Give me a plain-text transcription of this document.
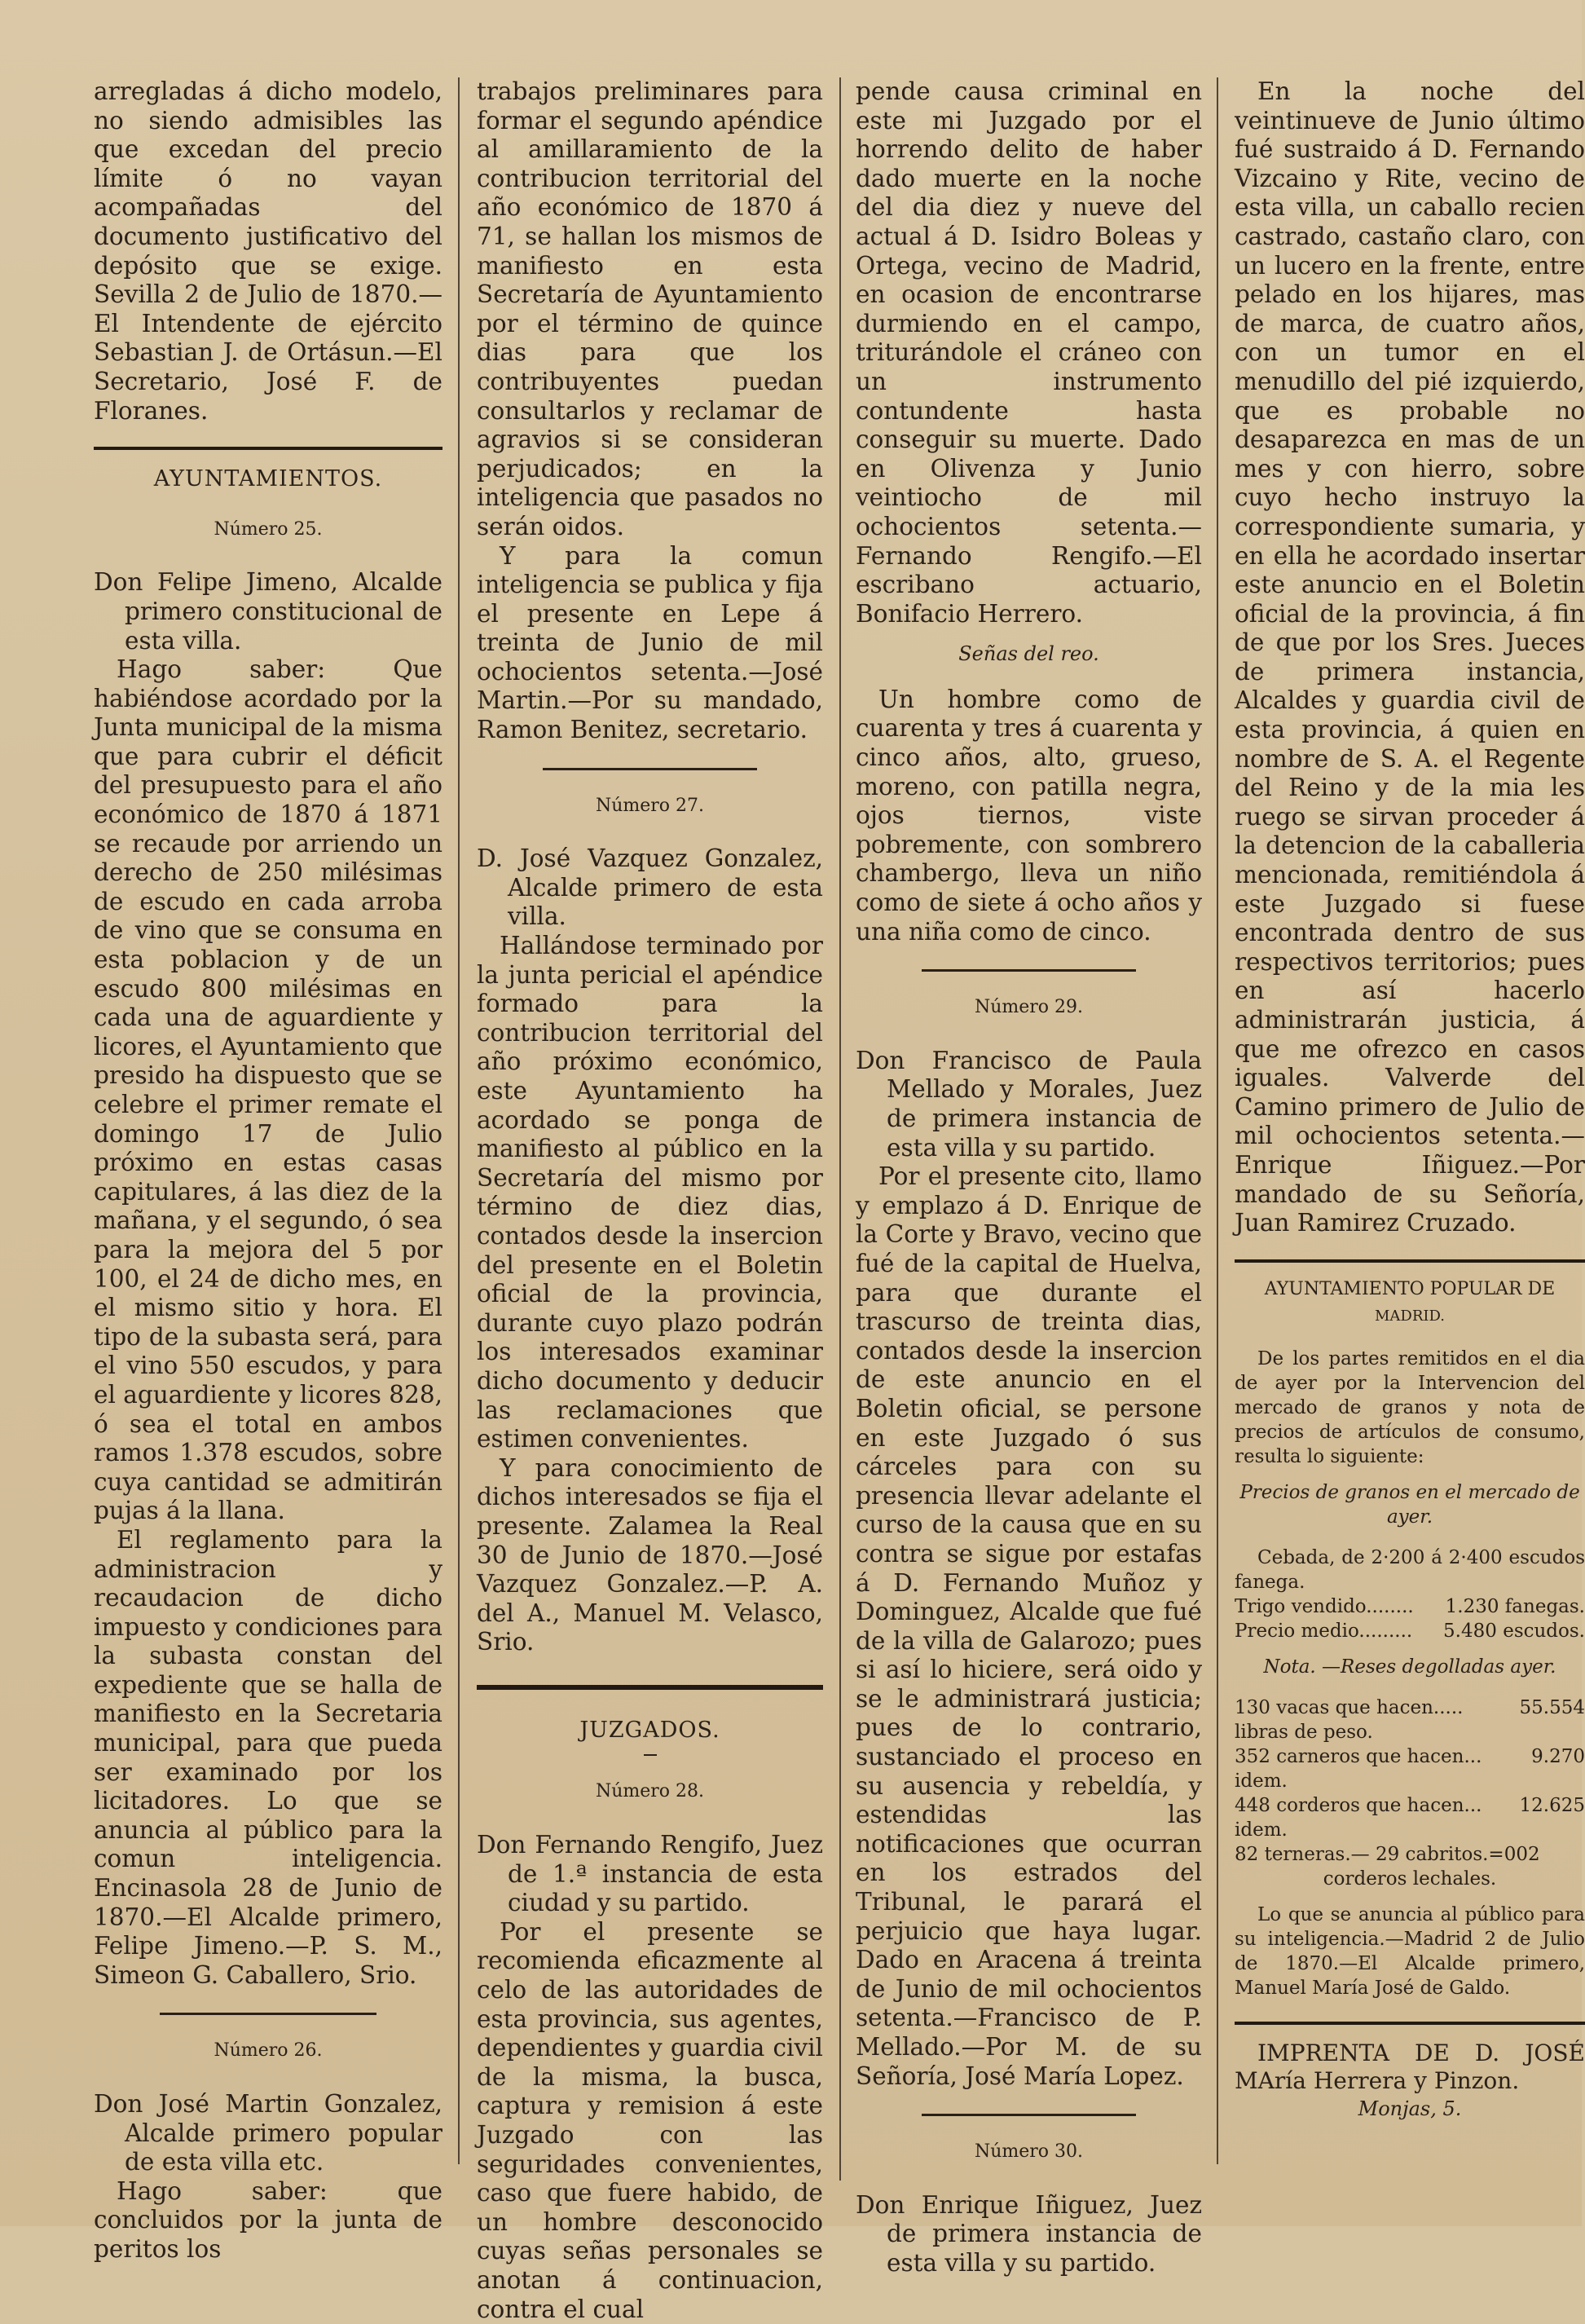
arregladas á dicho modelo, no siendo admisibles las que excedan del precio límite ó no vayan acompañadas del documento justificativo del depósito que se exige. Sevilla 2 de Julio de 1870.—El Intendente de ejército Sebastian J. de Ortásun.—El Secretario, José F. de Floranes.

AYUNTAMIENTOS.

Número 25.

Don Felipe Jimeno, Alcalde primero constitucional de esta villa.

Hago saber: Que habiéndose acordado por la Junta municipal de la misma que para cubrir el déficit del presupuesto para el año económico de 1870 á 1871 se recaude por arriendo un derecho de 250 milésimas de escudo en cada arroba de vino que se consuma en esta poblacion y de un escudo 800 milésimas en cada una de aguardiente y licores, el Ayuntamiento que presido ha dispuesto que se celebre el primer remate el domingo 17 de Julio próximo en estas casas capitulares, á las diez de la mañana, y el segundo, ó sea para la mejora del 5 por 100, el 24 de dicho mes, en el mismo sitio y hora. El tipo de la subasta será, para el vino 550 escudos, y para el aguardiente y licores 828, ó sea el total en ambos ramos 1.378 escudos, sobre cuya cantidad se admitirán pujas á la llana.

El reglamento para la administracion y recaudacion de dicho impuesto y condiciones para la subasta constan del expediente que se halla de manifiesto en la Secretaria municipal, para que pueda ser examinado por los licitadores. Lo que se anuncia al público para la comun inteligencia. Encinasola 28 de Junio de 1870.—El Alcalde primero, Felipe Jimeno.—P. S. M., Simeon G. Caballero, Srio.

Número 26.

Don José Martin Gonzalez, Alcalde primero popular de esta villa etc.

Hago saber: que concluidos por la junta de peritos los

trabajos preliminares para formar el segundo apéndice al amillaramiento de la contribucion territorial del año económico de 1870 á 71, se hallan los mismos de manifiesto en esta Secretaría de Ayuntamiento por el término de quince dias para que los contribuyentes puedan consultarlos y reclamar de agravios si se consideran perjudicados; en la inteligencia que pasados no serán oidos.

Y para la comun inteligencia se publica y fija el presente en Lepe á treinta de Junio de mil ochocientos setenta.—José Martin.—Por su mandado, Ramon Benitez, secretario.

Número 27.

D. José Vazquez Gonzalez, Alcalde primero de esta villa.

Hallándose terminado por la junta pericial el apéndice formado para la contribucion territorial del año próximo económico, este Ayuntamiento ha acordado se ponga de manifiesto al público en la Secretaría del mismo por término de diez dias, contados desde la insercion del presente en el Boletin oficial de la provincia, durante cuyo plazo podrán los interesados examinar dicho documento y deducir las reclamaciones que estimen convenientes.

Y para conocimiento de dichos interesados se fija el presente. Zalamea la Real 30 de Junio de 1870.—José Vazquez Gonzalez.—P. A. del A., Manuel M. Velasco, Srio.

JUZGADOS.

Número 28.

Don Fernando Rengifo, Juez de 1.ª instancia de esta ciudad y su partido.

Por el presente se recomienda eficazmente al celo de las autoridades de esta provincia, sus agentes, dependientes y guardia civil de la misma, la busca, captura y remision á este Juzgado con las seguridades convenientes, caso que fuere habido, de un hombre desconocido cuyas señas personales se anotan á continuacion, contra el cual

pende causa criminal en este mi Juzgado por el horrendo delito de haber dado muerte en la noche del dia diez y nueve del actual á D. Isidro Boleas y Ortega, vecino de Madrid, en ocasion de encontrarse durmiendo en el campo, triturándole el cráneo con un instrumento contundente hasta conseguir su muerte. Dado en Olivenza y Junio veintiocho de mil ochocientos setenta.—Fernando Rengifo.—El escribano actuario, Bonifacio Herrero.

Señas del reo.

Un hombre como de cuarenta y tres á cuarenta y cinco años, alto, grueso, moreno, con patilla negra, ojos tiernos, viste pobremente, con sombrero chambergo, lleva un niño como de siete á ocho años y una niña como de cinco.

Número 29.

Don Francisco de Paula Mellado y Morales, Juez de primera instancia de esta villa y su partido.

Por el presente cito, llamo y emplazo á D. Enrique de la Corte y Bravo, vecino que fué de la capital de Huelva, para que durante el trascurso de treinta dias, contados desde la insercion de este anuncio en el Boletin oficial, se persone en este Juzgado ó sus cárceles para con su presencia llevar adelante el curso de la causa que en su contra se sigue por estafas á D. Fernando Muñoz y Dominguez, Alcalde que fué de la villa de Galarozo; pues si así lo hiciere, será oido y se le administrará justicia; pues de lo contrario, sustanciado el proceso en su ausencia y rebeldía, y estendidas las notificaciones que ocurran en los estrados del Tribunal, le parará el perjuicio que haya lugar. Dado en Aracena á treinta de Junio de mil ochocientos setenta.—Francisco de P. Mellado.—Por M. de su Señoría, José María Lopez.

Número 30.

Don Enrique Iñiguez, Juez de primera instancia de esta villa y su partido.

En la noche del veintinueve de Junio último fué sustraido á D. Fernando Vizcaino y Rite, vecino de esta villa, un caballo recien castrado, castaño claro, con un lucero en la frente, entre pelado en los hijares, mas de marca, de cuatro años, con un tumor en el menudillo del pié izquierdo, que es probable no desaparezca en mas de un mes y con hierro, sobre cuyo hecho instruyo la correspondiente sumaria, y en ella he acordado insertar este anuncio en el Boletin oficial de la provincia, á fin de que por los Sres. Jueces de primera instancia, Alcaldes y guardia civil de esta provincia, á quien en nombre de S. A. el Regente del Reino y de la mia les ruego se sirvan proceder á la detencion de la caballeria mencionada, remitiéndola á este Juzgado si fuese encontrada dentro de sus respectivos territorios; pues en así hacerlo administrarán justicia, á que me ofrezco en casos iguales. Valverde del Camino primero de Julio de mil ochocientos setenta.—Enrique Iñiguez.—Por mandado de su Señoría, Juan Ramirez Cruzado.

AYUNTAMIENTO POPULAR DE

MADRID.

De los partes remitidos en el dia de ayer por la Intervencion del mercado de granos y nota de precios de artículos de consumo, resulta lo siguiente:

Precios de granos en el mercado de ayer.

Cebada, de 2·200 á 2·400 escudos fanega.

Trigo vendido........ 1.230 fanegas.
Precio medio......... 5.480 escudos.

Nota. —Reses degolladas ayer.

130 vacas que hacen.....	55.554
libras de peso.
352 carneros que hacen...	9.270
idem.
448 corderos que hacen... 12.625
idem.
82 terneras.— 29 cabritos.=002
corderos lechales.

Lo que se anuncia al público para su inteligencia.—Madrid 2 de Julio de 1870.—El Alcalde primero, Manuel María José de Galdo.

IMPRENTA DE D. JOSÉ MAría Herrera y Pinzon.

Monjas, 5.
